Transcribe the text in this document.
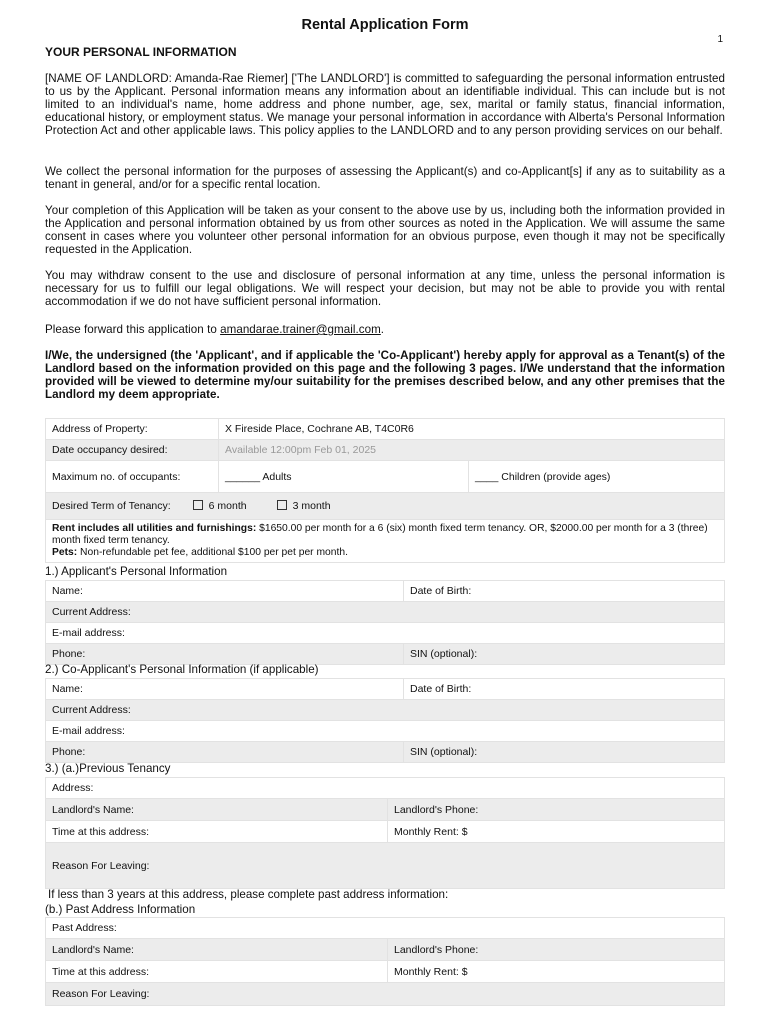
Rental Application Form
1
YOUR PERSONAL INFORMATION
[NAME OF LANDLORD: Amanda-Rae Riemer] ['The LANDLORD'] is committed to safeguarding the personal information entrusted to us by the Applicant. Personal information means any information about an identifiable individual. This can include but is not limited to an individual's name, home address and phone number, age, sex, marital or family status, financial information, educational history, or employment status. We manage your personal information in accordance with Alberta's Personal Information Protection Act and other applicable laws. This policy applies to the LANDLORD and to any person providing services on our behalf.
We collect the personal information for the purposes of assessing the Applicant(s) and co-Applicant[s] if any as to suitability as a tenant in general, and/or for a specific rental location.
Your completion of this Application will be taken as your consent to the above use by us, including both the information provided in the Application and personal information obtained by us from other sources as noted in the Application. We will assume the same consent in cases where you volunteer other personal information for an obvious purpose, even though it may not be specifically requested in the Application.
You may withdraw consent to the use and disclosure of personal information at any time, unless the personal information is necessary for us to fulfill our legal obligations. We will respect your decision, but may not be able to provide you with rental accommodation if we do not have sufficient personal information.
Please forward this application to amandarae.trainer@gmail.com.
I/We, the undersigned (the 'Applicant', and if applicable the 'Co-Applicant') hereby apply for approval as a Tenant(s) of the Landlord based on the information provided on this page and the following 3 pages. I/We understand that the information provided will be viewed to determine my/our suitability for the premises described below, and any other premises that the Landlord my deem appropriate.
Address of Property:	X Fireside Place, Cochrane AB, T4C0R6	
Date occupancy desired:	Available 12:00pm Feb 01, 2025	
Maximum no. of occupants:	______ Adults	____ Children (provide ages)
Desired Term of Tenancy: 6 month 3 month		
Rent includes all utilities and furnishings: $1650.00 per month for a 6 (six) month fixed term tenancy. OR, $2000.00 per month for a 3 (three) month fixed term tenancy.
Pets: Non-refundable pet fee, additional $100 per pet per month.		
1.) Applicant's Personal Information
Name:	Date of Birth:
Current Address:	
E-mail address:	
Phone:	SIN (optional):
2.) Co-Applicant's Personal Information (if applicable)
Name:	Date of Birth:
Current Address:	
E-mail address:	
Phone:	SIN (optional):
3.) (a.)Previous Tenancy
Address:	
Landlord's Name:	Landlord's Phone:
Time at this address:	Monthly Rent: $
Reason For Leaving:	
If less than 3 years at this address, please complete past address information:
(b.) Past Address Information
Past Address:	
Landlord's Name:	Landlord's Phone:
Time at this address:	Monthly Rent: $
Reason For Leaving:	
